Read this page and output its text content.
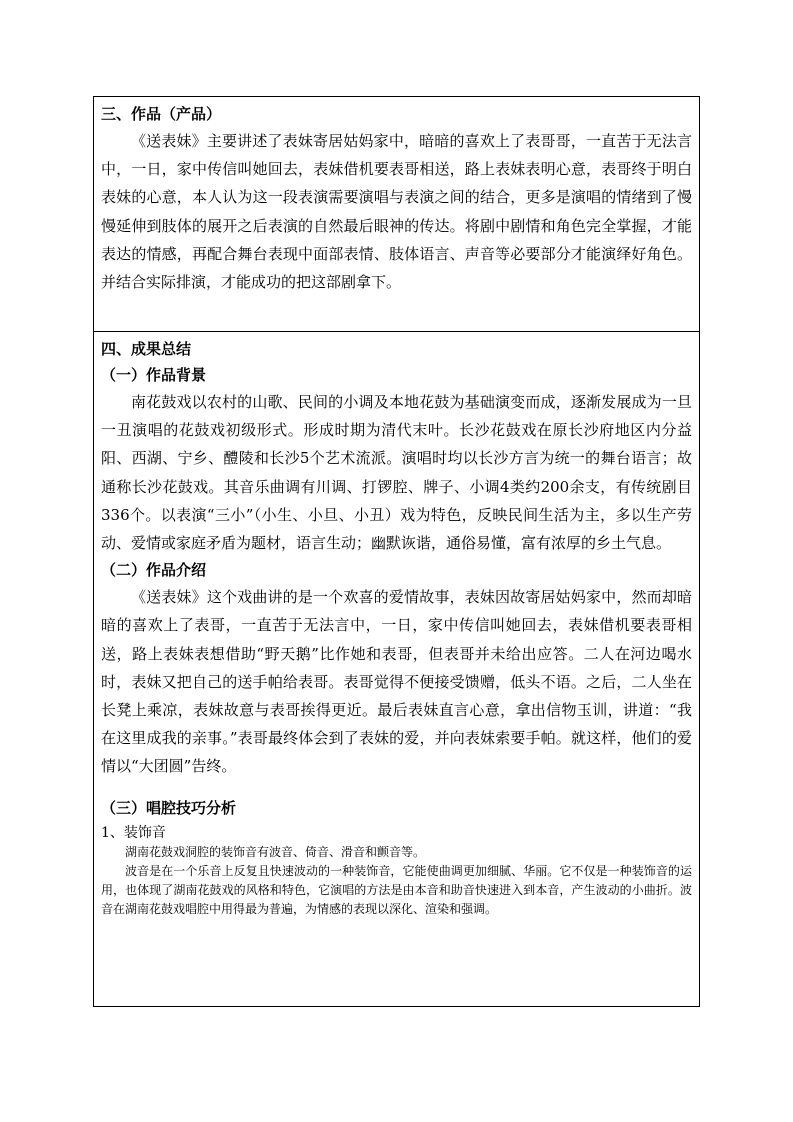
三、作品（产品）

《送表妹》主要讲述了表妹寄居姑妈家中，暗暗的喜欢上了表哥哥，一直苦于无法言中，一日，家中传信叫她回去，表妹借机要表哥相送，路上表妹表明心意，表哥终于明白表妹的心意，本人认为这一段表演需要演唱与表演之间的结合，更多是演唱的情绪到了慢慢延伸到肢体的展开之后表演的自然最后眼神的传达。将剧中剧情和角色完全掌握，才能表达的情感，再配合舞台表现中面部表情、肢体语言、声音等必要部分才能演绎好角色。并结合实际排演，才能成功的把这部剧拿下。

四、成果总结

（一）作品背景

南花鼓戏以农村的山歌、民间的小调及本地花鼓为基础演变而成，逐渐发展成为一旦一丑演唱的花鼓戏初级形式。形成时期为清代末叶。长沙花鼓戏在原长沙府地区内分益阳、西湖、宁乡、醴陵和长沙5个艺术流派。演唱时均以长沙方言为统一的舞台语言；故通称长沙花鼓戏。其音乐曲调有川调、打锣腔、牌子、小调4类约200余支，有传统剧目336个。以表演“三小”（小生、小旦、小丑）戏为特色，反映民间生活为主，多以生产劳动、爱情或家庭矛盾为题材，语言生动；幽默诙谐，通俗易懂，富有浓厚的乡土气息。

（二）作品介绍

《送表妹》这个戏曲讲的是一个欢喜的爱情故事，表妹因故寄居姑妈家中，然而却暗暗的喜欢上了表哥，一直苦于无法言中，一日，家中传信叫她回去，表妹借机要表哥相送，路上表妹表想借助“野天鹅”比作她和表哥，但表哥并未给出应答。二人在河边喝水时，表妹又把自己的送手帕给表哥。表哥觉得不便接受馈赠，低头不语。之后，二人坐在长凳上乘凉，表妹故意与表哥挨得更近。最后表妹直言心意，拿出信物玉训，讲道：“我在这里成我的亲事。”表哥最终体会到了表妹的爱，并向表妹索要手帕。就这样，他们的爱情以“大团圆”告终。

（三）唱腔技巧分析

1、装饰音

湖南花鼓戏洞腔的装饰音有波音、倚音、滑音和颤音等。

波音是在一个乐音上反复且快速波动的一种装饰音，它能使曲调更加细腻、华丽。它不仅是一种装饰音的运用，也体现了湖南花鼓戏的风格和特色，它演唱的方法是由本音和助音快速进入到本音，产生波动的小曲折。波音在湖南花鼓戏唱腔中用得最为普遍，为情感的表现以深化、渲染和强调。
